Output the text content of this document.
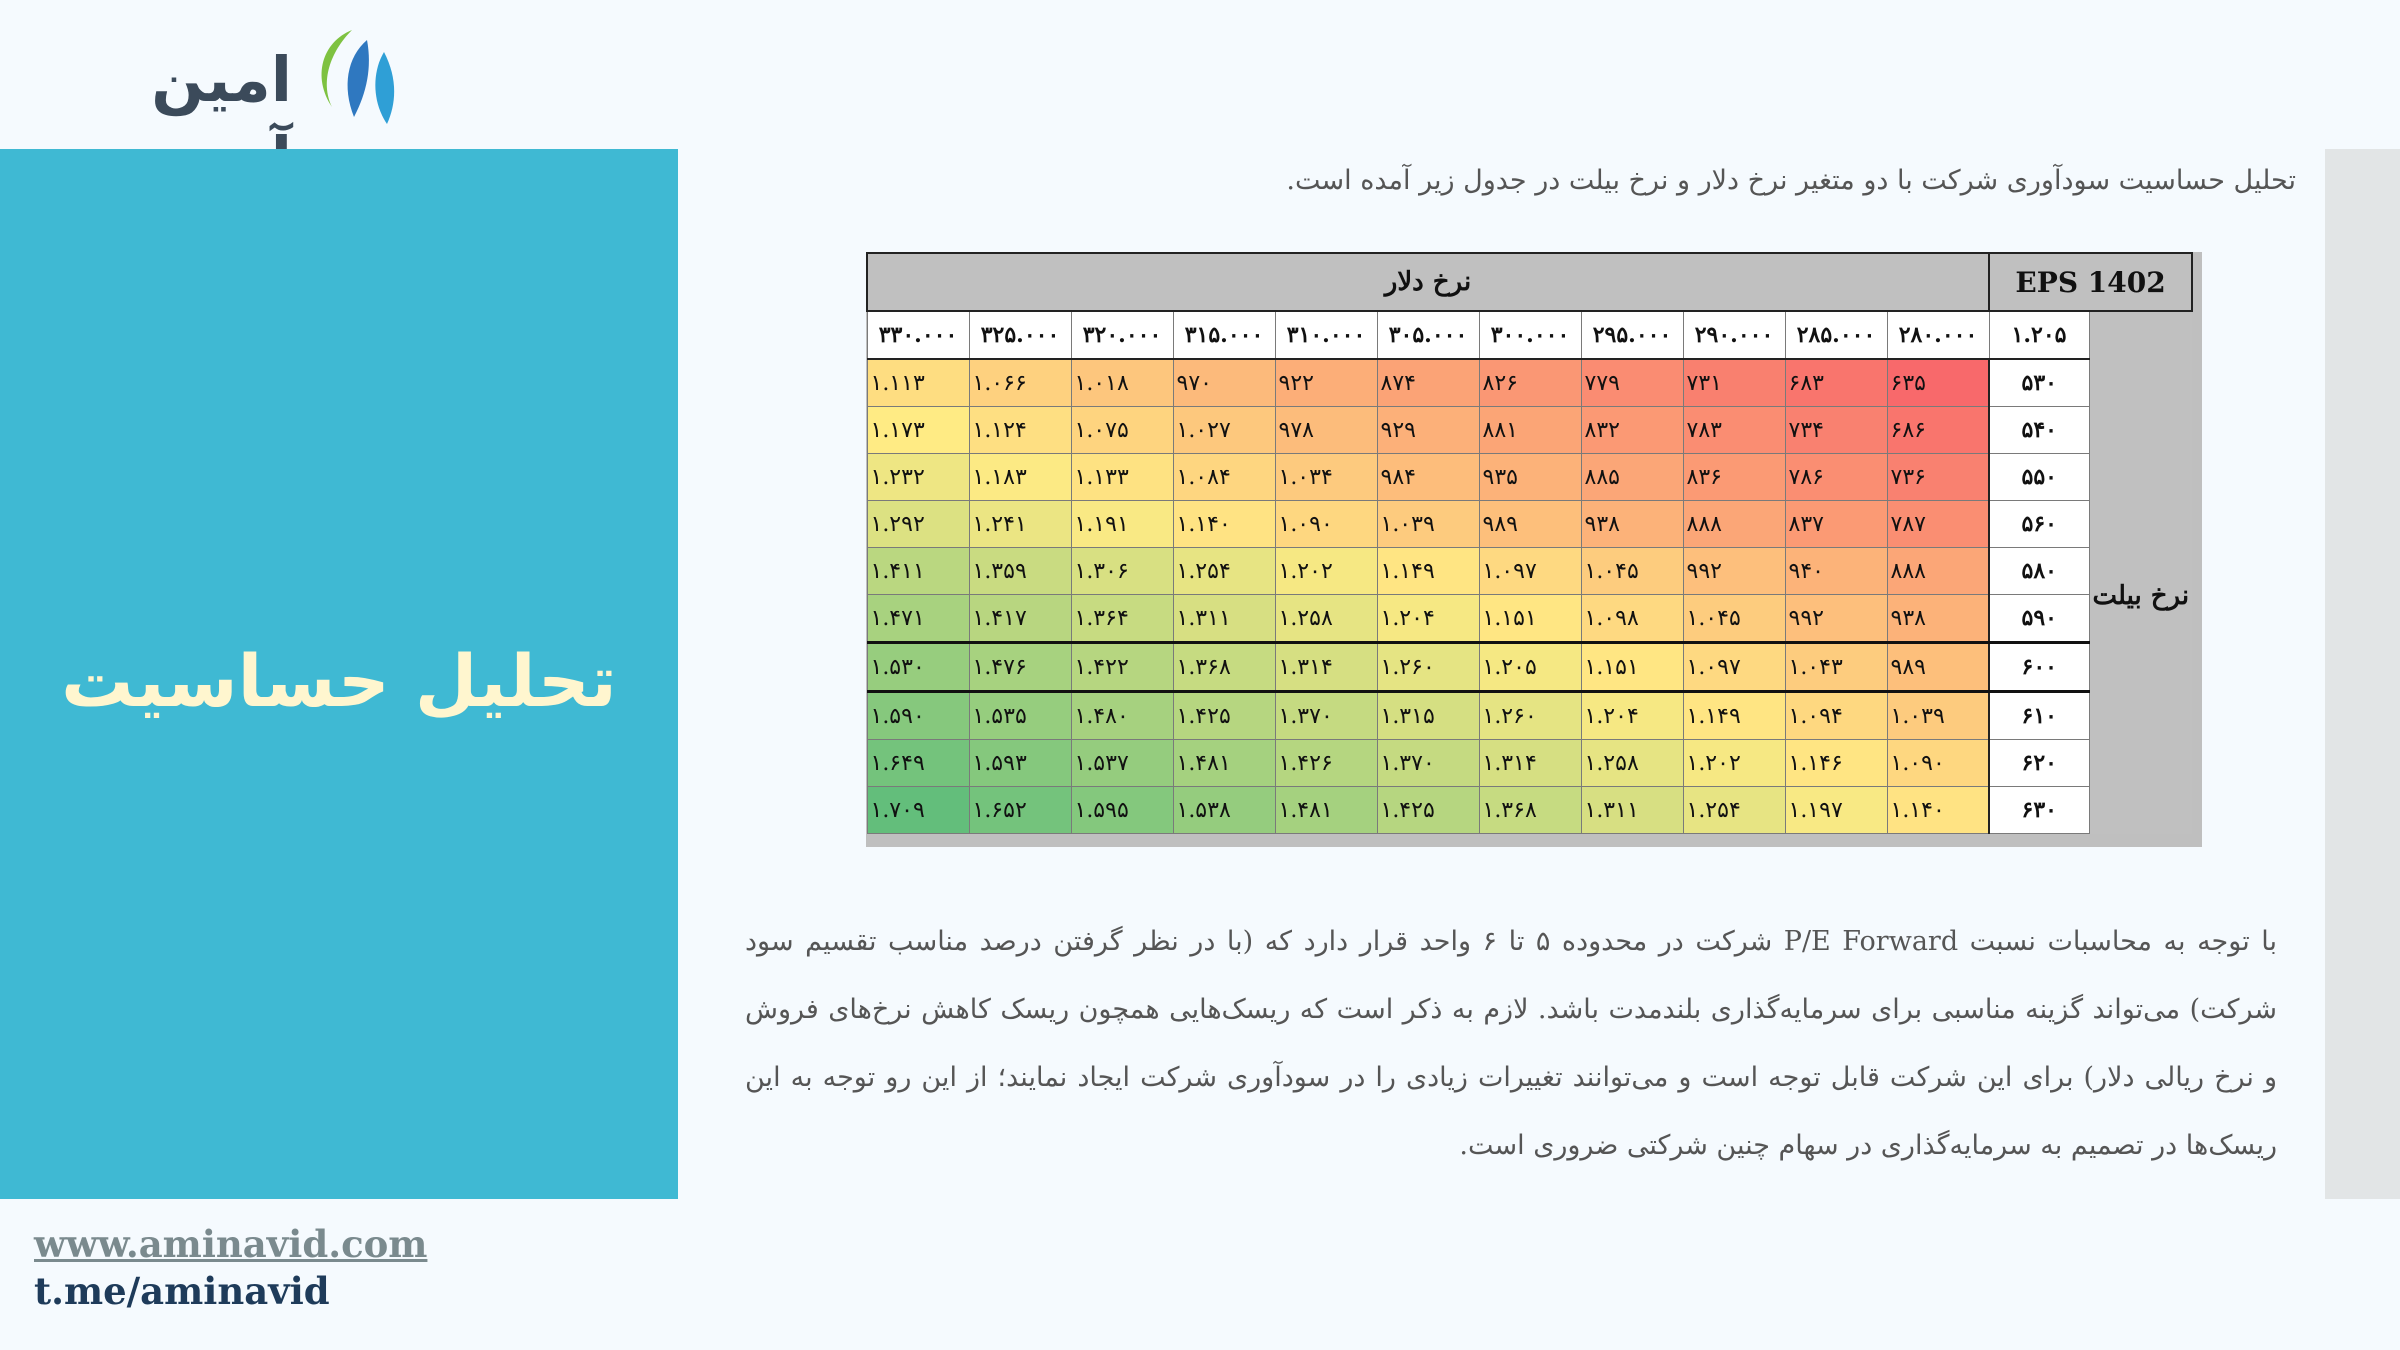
امین
تحلیل حساسیت
تحلیل حساسیت سودآوری شرکت با دو متغیر نرخ دلار و نرخ بیلت در جدول زیر آمده است.
نرخ دلار											EPS 1402	
۳۳۰.۰۰۰	۳۲۵.۰۰۰	۳۲۰.۰۰۰	۳۱۵.۰۰۰	۳۱۰.۰۰۰	۳۰۵.۰۰۰	۳۰۰.۰۰۰	۲۹۵.۰۰۰	۲۹۰.۰۰۰	۲۸۵.۰۰۰	۲۸۰.۰۰۰	۱.۲۰۵	
۱.۱۱۳	۱.۰۶۶	۱.۰۱۸	۹۷۰	۹۲۲	۸۷۴	۸۲۶	۷۷۹	۷۳۱	۶۸۳	۶۳۵	۵۳۰	نرخ بیلت
۱.۱۷۳	۱.۱۲۴	۱.۰۷۵	۱.۰۲۷	۹۷۸	۹۲۹	۸۸۱	۸۳۲	۷۸۳	۷۳۴	۶۸۶	۵۴۰	
۱.۲۳۲	۱.۱۸۳	۱.۱۳۳	۱.۰۸۴	۱.۰۳۴	۹۸۴	۹۳۵	۸۸۵	۸۳۶	۷۸۶	۷۳۶	۵۵۰	
۱.۲۹۲	۱.۲۴۱	۱.۱۹۱	۱.۱۴۰	۱.۰۹۰	۱.۰۳۹	۹۸۹	۹۳۸	۸۸۸	۸۳۷	۷۸۷	۵۶۰	
۱.۴۱۱	۱.۳۵۹	۱.۳۰۶	۱.۲۵۴	۱.۲۰۲	۱.۱۴۹	۱.۰۹۷	۱.۰۴۵	۹۹۲	۹۴۰	۸۸۸	۵۸۰	
۱.۴۷۱	۱.۴۱۷	۱.۳۶۴	۱.۳۱۱	۱.۲۵۸	۱.۲۰۴	۱.۱۵۱	۱.۰۹۸	۱.۰۴۵	۹۹۲	۹۳۸	۵۹۰	
۱.۵۳۰	۱.۴۷۶	۱.۴۲۲	۱.۳۶۸	۱.۳۱۴	۱.۲۶۰	۱.۲۰۵	۱.۱۵۱	۱.۰۹۷	۱.۰۴۳	۹۸۹	۶۰۰	
۱.۵۹۰	۱.۵۳۵	۱.۴۸۰	۱.۴۲۵	۱.۳۷۰	۱.۳۱۵	۱.۲۶۰	۱.۲۰۴	۱.۱۴۹	۱.۰۹۴	۱.۰۳۹	۶۱۰	
۱.۶۴۹	۱.۵۹۳	۱.۵۳۷	۱.۴۸۱	۱.۴۲۶	۱.۳۷۰	۱.۳۱۴	۱.۲۵۸	۱.۲۰۲	۱.۱۴۶	۱.۰۹۰	۶۲۰	
۱.۷۰۹	۱.۶۵۲	۱.۵۹۵	۱.۵۳۸	۱.۴۸۱	۱.۴۲۵	۱.۳۶۸	۱.۳۱۱	۱.۲۵۴	۱.۱۹۷	۱.۱۴۰	۶۳۰	
با توجه به محاسبات نسبت P/E Forward شرکت در محدوده ۵ تا ۶ واحد قرار دارد که (با در نظر گرفتن درصد مناسب تقسیم سود شرکت) می‌تواند گزینه مناسبی برای سرمایه‌گذاری بلندمدت باشد. لازم به ذکر است که ریسک‌هایی همچون ریسک کاهش نرخ‌های فروش و نرخ ریالی دلار) برای این شرکت قابل توجه است و می‌توانند تغییرات زیادی را در سودآوری شرکت ایجاد نمایند؛ از این رو توجه به این ریسک‌ها در تصمیم به سرمایه‌گذاری در سهام چنین شرکتی ضروری است.
www.aminavid.com
t.me/aminavid
